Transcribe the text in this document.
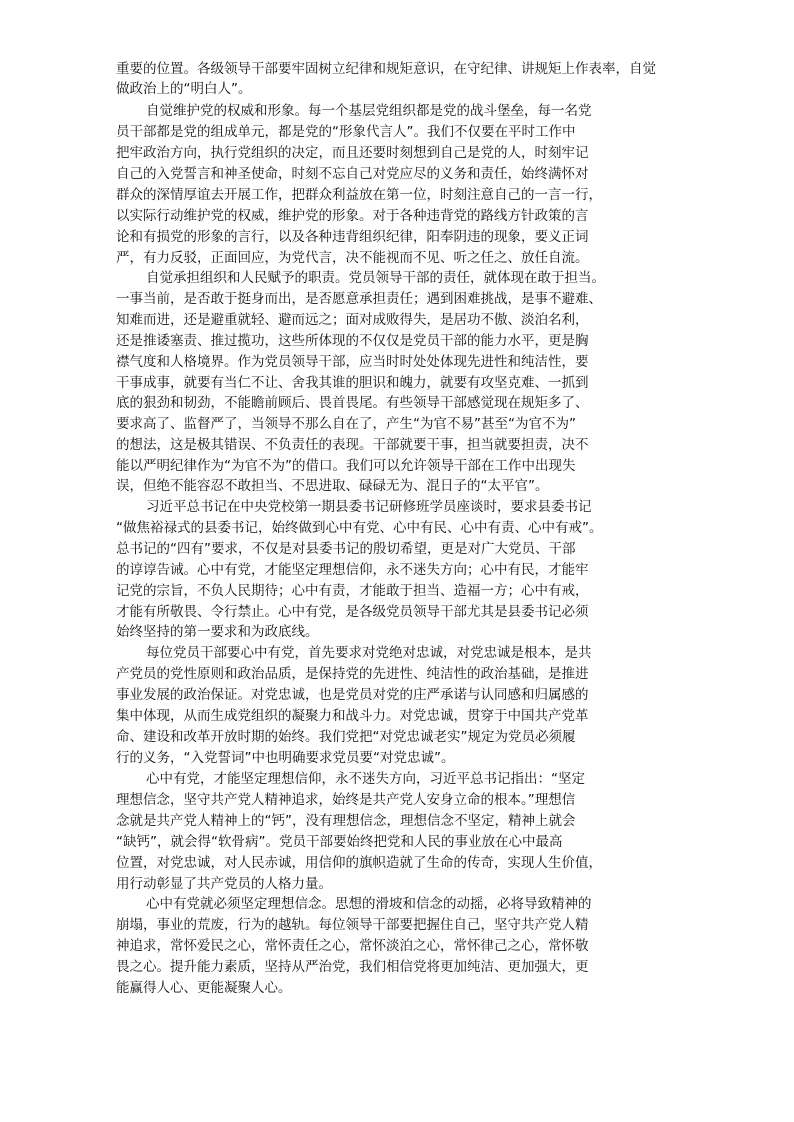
重要的位置。各级领导干部要牢固树立纪律和规矩意识，在守纪律、讲规矩上作表率，自觉
做政治上的“明白人”。
自觉维护党的权威和形象。每一个基层党组织都是党的战斗堡垒，每一名党
员干部都是党的组成单元，都是党的“形象代言人”。我们不仅要在平时工作中
把牢政治方向，执行党组织的决定，而且还要时刻想到自己是党的人，时刻牢记
自己的入党誓言和神圣使命，时刻不忘自己对党应尽的义务和责任，始终满怀对
群众的深情厚谊去开展工作，把群众利益放在第一位，时刻注意自己的一言一行，
以实际行动维护党的权威，维护党的形象。对于各种违背党的路线方针政策的言
论和有损党的形象的言行，以及各种违背组织纪律，阳奉阴违的现象，要义正词
严，有力反驳，正面回应，为党代言，决不能视而不见、听之任之、放任自流。
自觉承担组织和人民赋予的职责。党员领导干部的责任，就体现在敢于担当。
一事当前，是否敢于挺身而出，是否愿意承担责任；遇到困难挑战，是事不避难、
知难而进，还是避重就轻、避而远之；面对成败得失，是居功不傲、淡泊名利，
还是推诿塞责、推过揽功，这些所体现的不仅仅是党员干部的能力水平，更是胸
襟气度和人格境界。作为党员领导干部，应当时时处处体现先进性和纯洁性，要
干事成事，就要有当仁不让、舍我其谁的胆识和魄力，就要有攻坚克难、一抓到
底的狠劲和韧劲，不能瞻前顾后、畏首畏尾。有些领导干部感觉现在规矩多了、
要求高了、监督严了，当领导不那么自在了，产生“为官不易”甚至“为官不为”
的想法，这是极其错误、不负责任的表现。干部就要干事，担当就要担责，决不
能以严明纪律作为“为官不为”的借口。我们可以允许领导干部在工作中出现失
误，但绝不能容忍不敢担当、不思进取、碌碌无为、混日子的“太平官”。
习近平总书记在中央党校第一期县委书记研修班学员座谈时，要求县委书记
“做焦裕禄式的县委书记，始终做到心中有党、心中有民、心中有责、心中有戒”。
总书记的“四有”要求，不仅是对县委书记的殷切希望，更是对广大党员、干部
的谆谆告诫。心中有党，才能坚定理想信仰，永不迷失方向；心中有民，才能牢
记党的宗旨，不负人民期待；心中有责，才能敢于担当、造福一方；心中有戒，
才能有所敬畏、令行禁止。心中有党，是各级党员领导干部尤其是县委书记必须
始终坚持的第一要求和为政底线。
每位党员干部要心中有党，首先要求对党绝对忠诚，对党忠诚是根本，是共
产党员的党性原则和政治品质，是保持党的先进性、纯洁性的政治基础，是推进
事业发展的政治保证。对党忠诚，也是党员对党的庄严承诺与认同感和归属感的
集中体现，从而生成党组织的凝聚力和战斗力。对党忠诚，贯穿于中国共产党革
命、建设和改革开放时期的始终。我们党把“对党忠诚老实”规定为党员必须履
行的义务，“入党誓词”中也明确要求党员要“对党忠诚”。
心中有党，才能坚定理想信仰，永不迷失方向，习近平总书记指出：“坚定
理想信念，坚守共产党人精神追求，始终是共产党人安身立命的根本。”理想信
念就是共产党人精神上的“钙”，没有理想信念，理想信念不坚定，精神上就会
“缺钙”，就会得“软骨病”。党员干部要始终把党和人民的事业放在心中最高
位置，对党忠诚，对人民赤诚，用信仰的旗帜造就了生命的传奇，实现人生价值，
用行动彰显了共产党员的人格力量。
心中有党就必须坚定理想信念。思想的滑坡和信念的动摇，必将导致精神的
崩塌，事业的荒废，行为的越轨。每位领导干部要把握住自己，坚守共产党人精
神追求，常怀爱民之心，常怀责任之心，常怀淡泊之心，常怀律己之心，常怀敬
畏之心。提升能力素质，坚持从严治党，我们相信党将更加纯洁、更加强大，更
能赢得人心、更能凝聚人心。
